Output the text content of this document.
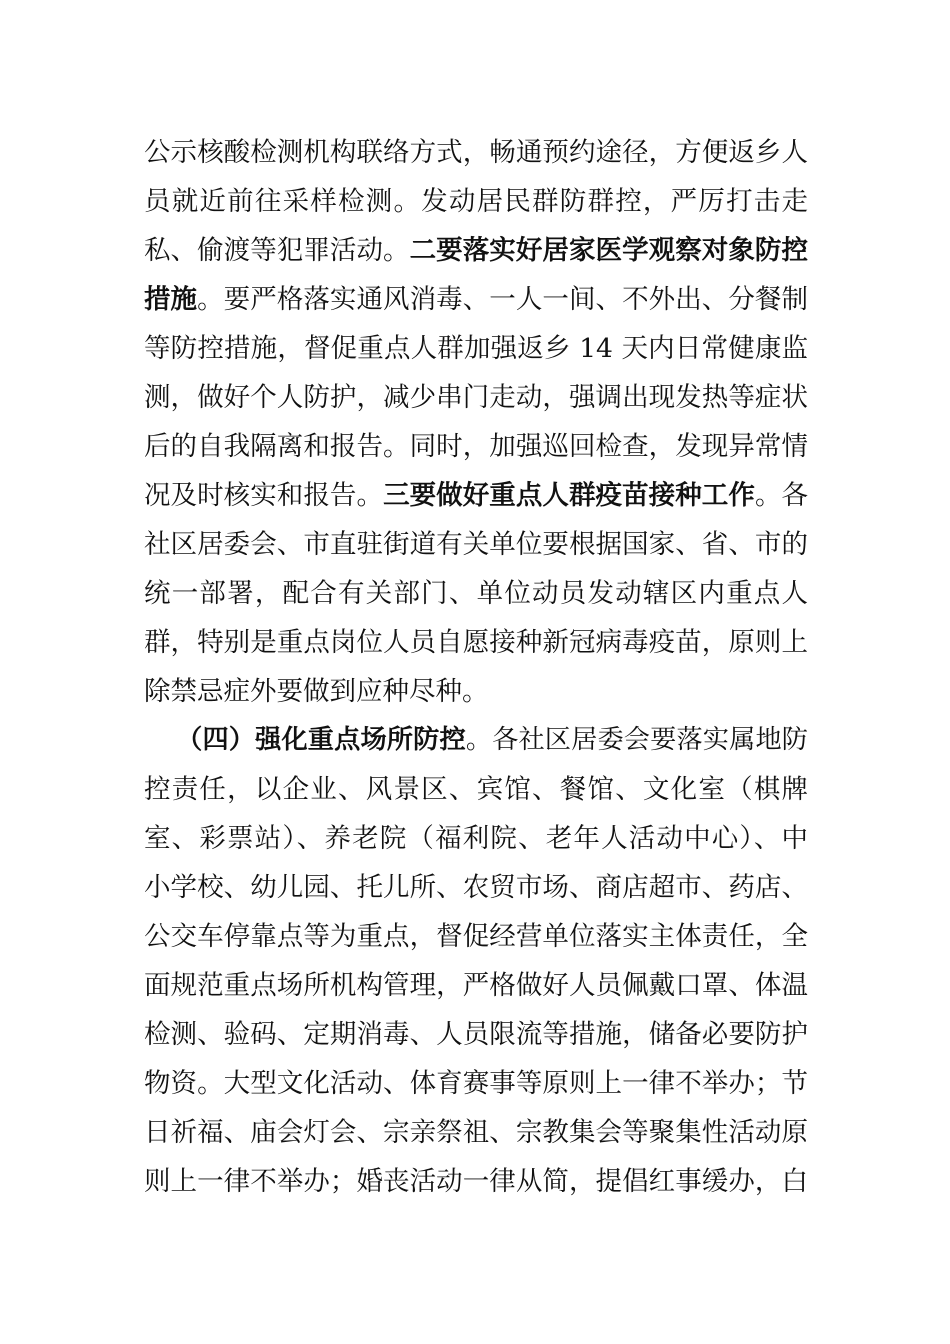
公示核酸检测机构联络方式，畅通预约途径，方便返乡人
员就近前往采样检测。发动居民群防群控，严厉打击走
私、偷渡等犯罪活动。二要落实好居家医学观察对象防控
措施。要严格落实通风消毒、一人一间、不外出、分餐制
等防控措施，督促重点人群加强返乡 14 天内日常健康监
测，做好个人防护，减少串门走动，强调出现发热等症状
后的自我隔离和报告。同时，加强巡回检查，发现异常情
况及时核实和报告。三要做好重点人群疫苗接种工作。各
社区居委会、市直驻街道有关单位要根据国家、省、市的
统一部署，配合有关部门、单位动员发动辖区内重点人
群，特别是重点岗位人员自愿接种新冠病毒疫苗，原则上
除禁忌症外要做到应种尽种。
（四）强化重点场所防控。各社区居委会要落实属地防
控责任，以企业、风景区、宾馆、餐馆、文化室（棋牌
室、彩票站）、养老院（福利院、老年人活动中心）、中
小学校、幼儿园、托儿所、农贸市场、商店超市、药店、
公交车停靠点等为重点，督促经营单位落实主体责任，全
面规范重点场所机构管理，严格做好人员佩戴口罩、体温
检测、验码、定期消毒、人员限流等措施，储备必要防护
物资。大型文化活动、体育赛事等原则上一律不举办；节
日祈福、庙会灯会、宗亲祭祖、宗教集会等聚集性活动原
则上一律不举办；婚丧活动一律从简，提倡红事缓办，白
